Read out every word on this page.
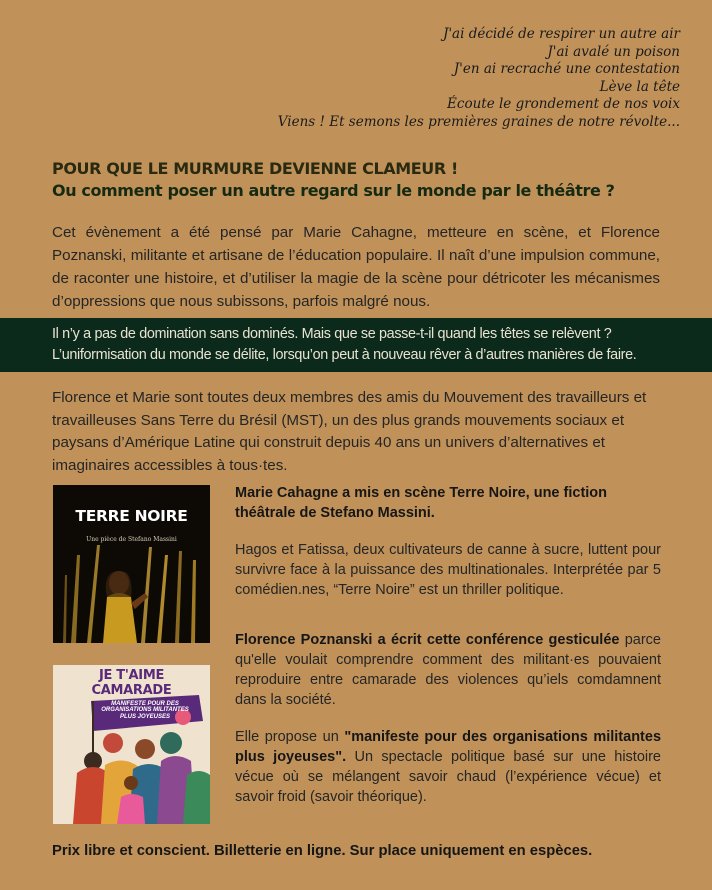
J'ai décidé de respirer un autre air
J'ai avalé un poison
J'en ai recraché une contestation
Lève la tête
Écoute le grondement de nos voix
Viens ! Et semons les premières graines de notre révolte...
POUR QUE LE MURMURE DEVIENNE CLAMEUR !
Ou comment poser un autre regard sur le monde par le théâtre ?
Cet évènement a été pensé par Marie Cahagne, metteure en scène, et Florence Poznanski, militante et artisane de l’éducation populaire. Il naît d’une impulsion commune, de raconter une histoire, et d’utiliser la magie de la scène pour détricoter les mécanismes d’oppressions que nous subissons, parfois malgré nous.
Il n’y a pas de domination sans dominés. Mais que se passe-t-il quand les têtes se relèvent ?
L’uniformisation du monde se délite, lorsqu’on peut à nouveau rêver à d’autres manières de faire.
Florence et Marie sont toutes deux membres des amis du Mouvement des travailleurs et travailleuses Sans Terre du Brésil (MST), un des plus grands mouvements sociaux et paysans d’Amérique Latine qui construit depuis 40 ans un univers d’alternatives et imaginaires accessibles à tous·tes.
TERRE NOIRE
Une pièce de Stefano Massini
JE T'AIME
CAMARADE
MANIFESTE POUR DES ORGANISATIONS MILITANTES PLUS JOYEUSES
Marie Cahagne a mis en scène Terre Noire, une fiction théâtrale de Stefano Massini.
Hagos et Fatissa, deux cultivateurs de canne à sucre, luttent pour survivre face à la puissance des multinationales. Interprétée par 5 comédien.nes, “Terre Noire” est un thriller politique.
Florence Poznanski a écrit cette conférence gesticulée parce qu'elle voulait comprendre comment des militant·es pouvaient reproduire entre camarade des violences qu’iels comdamnent dans la société.
Elle propose un "manifeste pour des organisations militantes plus joyeuses". Un spectacle politique basé sur une histoire vécue où se mélangent savoir chaud (l’expérience vécue) et savoir froid (savoir théorique).
Prix libre et conscient. Billetterie en ligne. Sur place uniquement en espèces.
